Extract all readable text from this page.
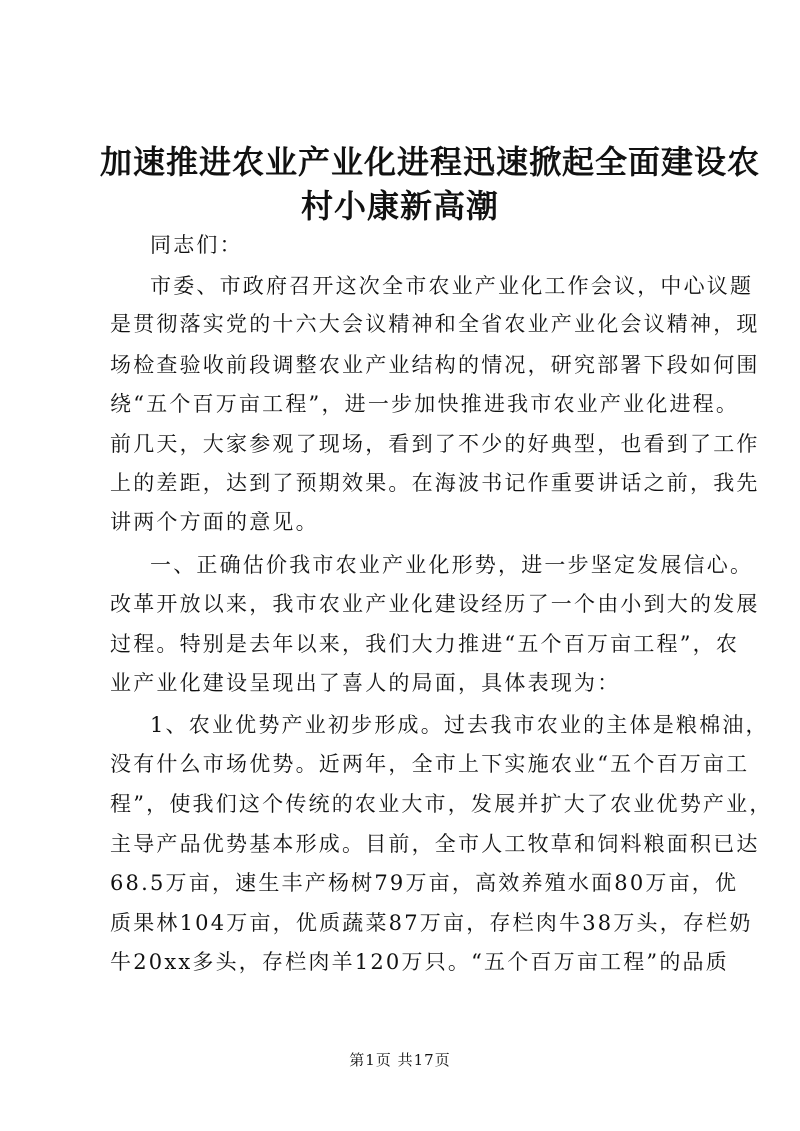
加速推进农业产业化进程迅速掀起全面建设农
村小康新高潮
同志们：
市委、市政府召开这次全市农业产业化工作会议，中心议题
是贯彻落实党的十六大会议精神和全省农业产业化会议精神，现
场检查验收前段调整农业产业结构的情况，研究部署下段如何围
绕“五个百万亩工程”，进一步加快推进我市农业产业化进程。
前几天，大家参观了现场，看到了不少的好典型，也看到了工作
上的差距，达到了预期效果。在海波书记作重要讲话之前，我先
讲两个方面的意见。
一、正确估价我市农业产业化形势，进一步坚定发展信心。
改革开放以来，我市农业产业化建设经历了一个由小到大的发展
过程。特别是去年以来，我们大力推进“五个百万亩工程”，农
业产业化建设呈现出了喜人的局面，具体表现为：
1、农业优势产业初步形成。过去我市农业的主体是粮棉油，
没有什么市场优势。近两年，全市上下实施农业“五个百万亩工
程”，使我们这个传统的农业大市，发展并扩大了农业优势产业，
主导产品优势基本形成。目前，全市人工牧草和饲料粮面积已达
68.5万亩，速生丰产杨树79万亩，高效养殖水面80万亩，优
质果林104万亩，优质蔬菜87万亩，存栏肉牛38万头，存栏奶
牛20xx多头，存栏肉羊120万只。“五个百万亩工程”的品质
第1页 共17页
